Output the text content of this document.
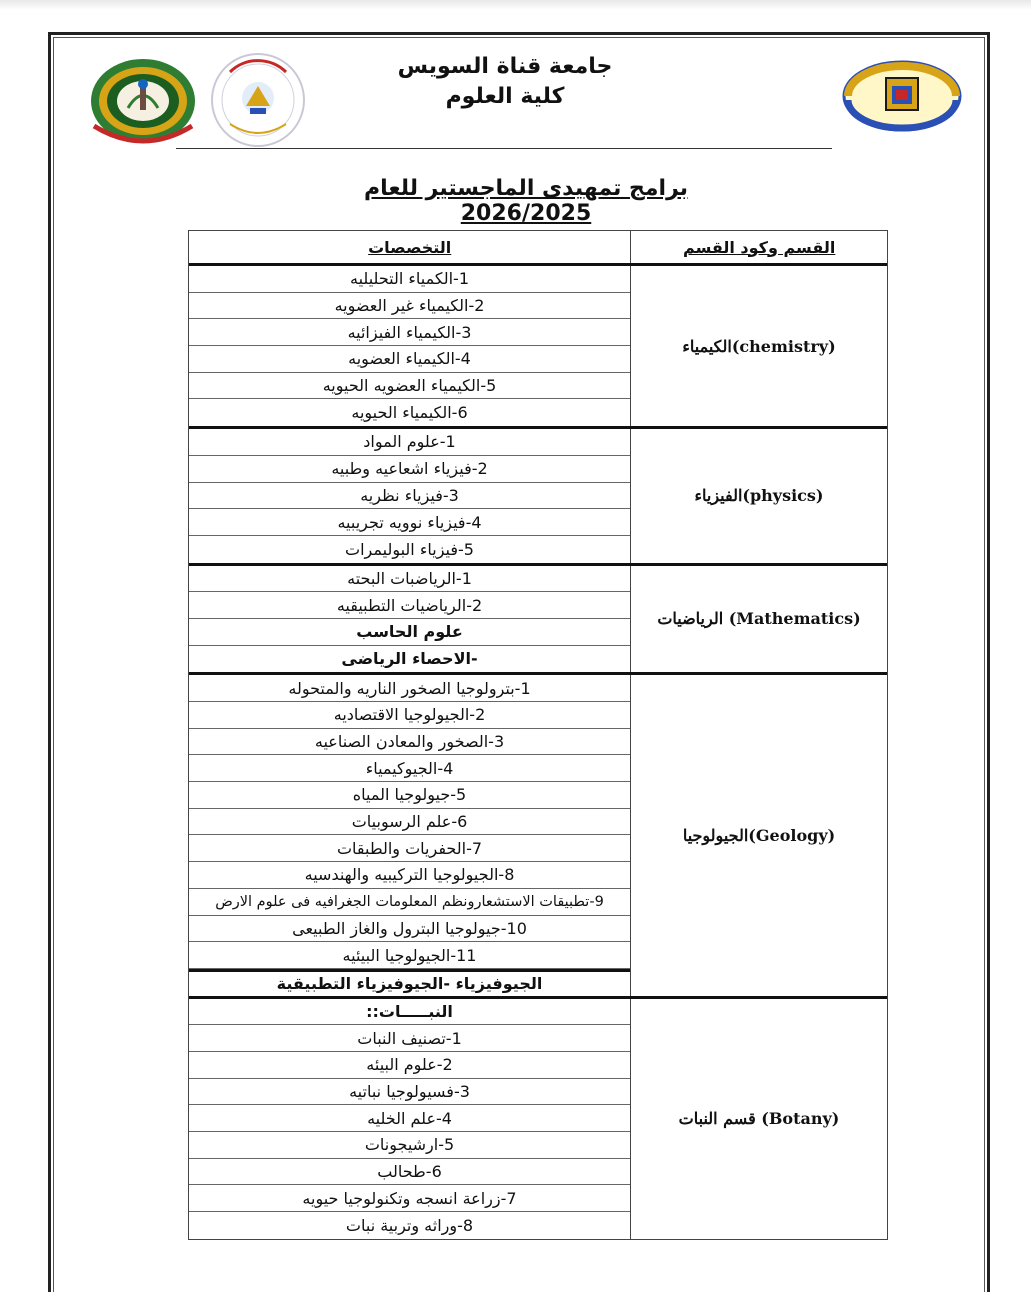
جامعة قناة السويس
كلية العلوم
برامج تمهيدى الماجستير للعام 2026/2025
التخصصات	القسم وكود القسم
1-الكمياء التحليليه
2-الكيمياء غير العضويه
3-الكيمياء الفيزائيه
4-الكيمياء العضويه
5-الكيمياء العضويه الحيويه
6-الكيمياء الحيويه
الكيمياء(chemistry)
1-علوم المواد
2-فيزياء اشعاعيه وطبيه
3-فيزياء نظريه
4-فيزياء نوويه تجريبيه
5-فيزياء البوليمرات
الفيزياء(physics)
1-الرياضبات البحته
2-الرياضيات التطبيقيه
علوم الحاسب
-الاحصاء الرياضى
الرياضيات (Mathematics)
1-بترولوجيا الصخور الناريه والمتحوله
2-الجيولوجيا الاقتصاديه
3-الصخور والمعادن الصناعيه
4-الجيوكيمياء
5-جيولوجيا المياه
6-علم الرسوبيات
7-الحفريات والطبقات
8-الجيولوجيا التركيبيه والهندسيه
9-تطبيقات الاستشعارونظم المعلومات الجغرافيه فى علوم الارض
10-جيولوجيا البترول والغاز الطبيعى
11-الجيولوجيا البيئيه
الجيوفيزياء -الجيوفيزياء التطبيقية
الجيولوجيا(Geology)
النبـــــات::
1-تصنيف النبات
2-علوم البيئه
3-فسيولوجيا نباتيه
4-علم الخليه
5-ارشيجونات
6-طحالب
7-زراعة انسجه وتكنولوجيا حيويه
8-وراثه وتربية نبات
قسم النبات (Botany)
